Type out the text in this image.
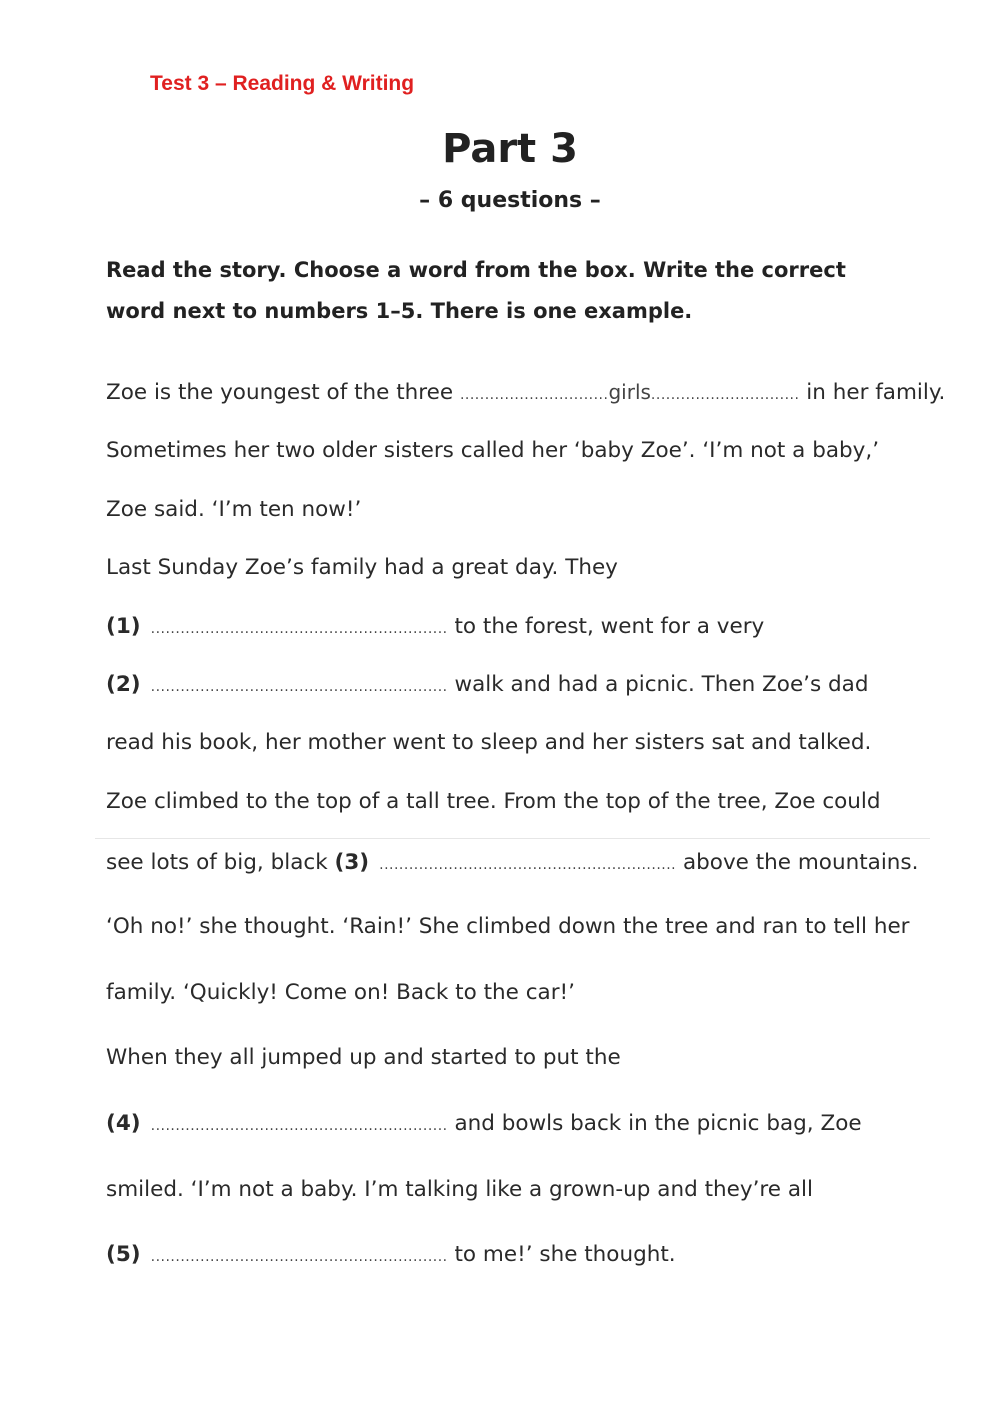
Test 3 – Reading & Writing
Part 3
– 6 questions –
Read the story. Choose a word from the box. Write the correct word next to numbers 1–5. There is one example.
Zoe is the youngest of the three ..............................girls.............................. in her family.
Sometimes her two older sisters called her ‘baby Zoe’. ‘I’m not a baby,’
Zoe said. ‘I’m ten now!’
Last Sunday Zoe’s family had a great day. They
(1) ............................................................ to the forest, went for a very
(2) ............................................................ walk and had a picnic. Then Zoe’s dad
read his book, her mother went to sleep and her sisters sat and talked.
Zoe climbed to the top of a tall tree. From the top of the tree, Zoe could
see lots of big, black (3) ............................................................ above the mountains.
‘Oh no!’ she thought. ‘Rain!’ She climbed down the tree and ran to tell her
family. ‘Quickly! Come on! Back to the car!’
When they all jumped up and started to put the
(4) ............................................................ and bowls back in the picnic bag, Zoe
smiled. ‘I’m not a baby. I’m talking like a grown-up and they’re all
(5) ............................................................ to me!’ she thought.
